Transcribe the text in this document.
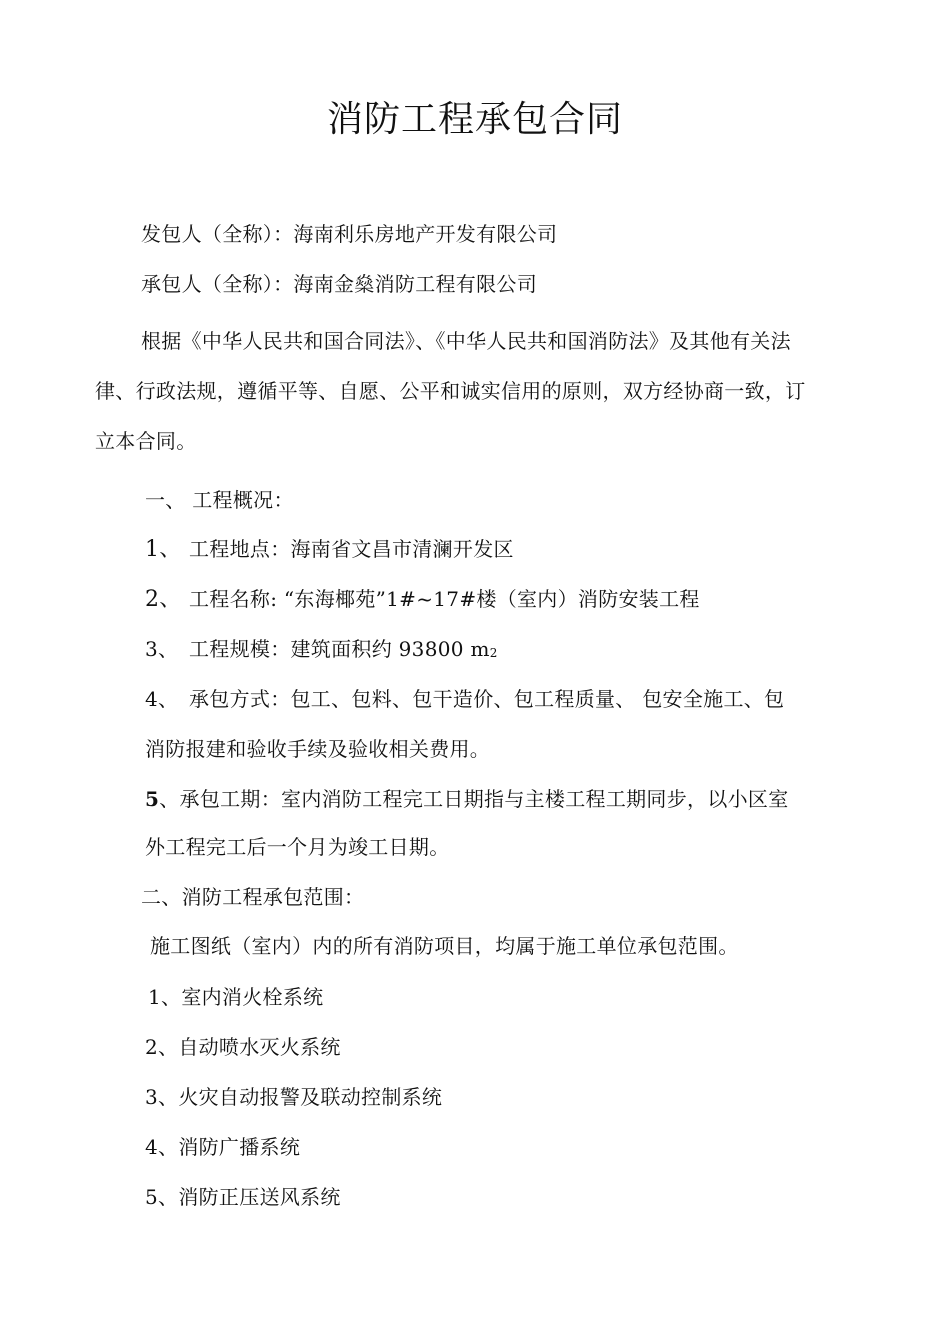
消防工程承包合同
发包人（全称）：海南利乐房地产开发有限公司
承包人（全称）：海南金燊消防工程有限公司
根据《中华人民共和国合同法》、《中华人民共和国消防法》及其他有关法
律、行政法规，遵循平等、自愿、公平和诚实信用的原则，双方经协商一致，订
立本合同。
一、 工程概况：
1、 工程地点：海南省文昌市清澜开发区
2、 工程名称: “东海椰苑”1#~17#楼（室内）消防安装工程
3、 工程规模：建筑面积约 93800 m2
4、 承包方式：包工、包料、包干造价、包工程质量、 包安全施工、包
消防报建和验收手续及验收相关费用。
5、承包工期：室内消防工程完工日期指与主楼工程工期同步，以小区室
外工程完工后一个月为竣工日期。
二、消防工程承包范围：
施工图纸（室内）内的所有消防项目，均属于施工单位承包范围。
1、室内消火栓系统
2、自动喷水灭火系统
3、火灾自动报警及联动控制系统
4、消防广播系统
5、消防正压送风系统
